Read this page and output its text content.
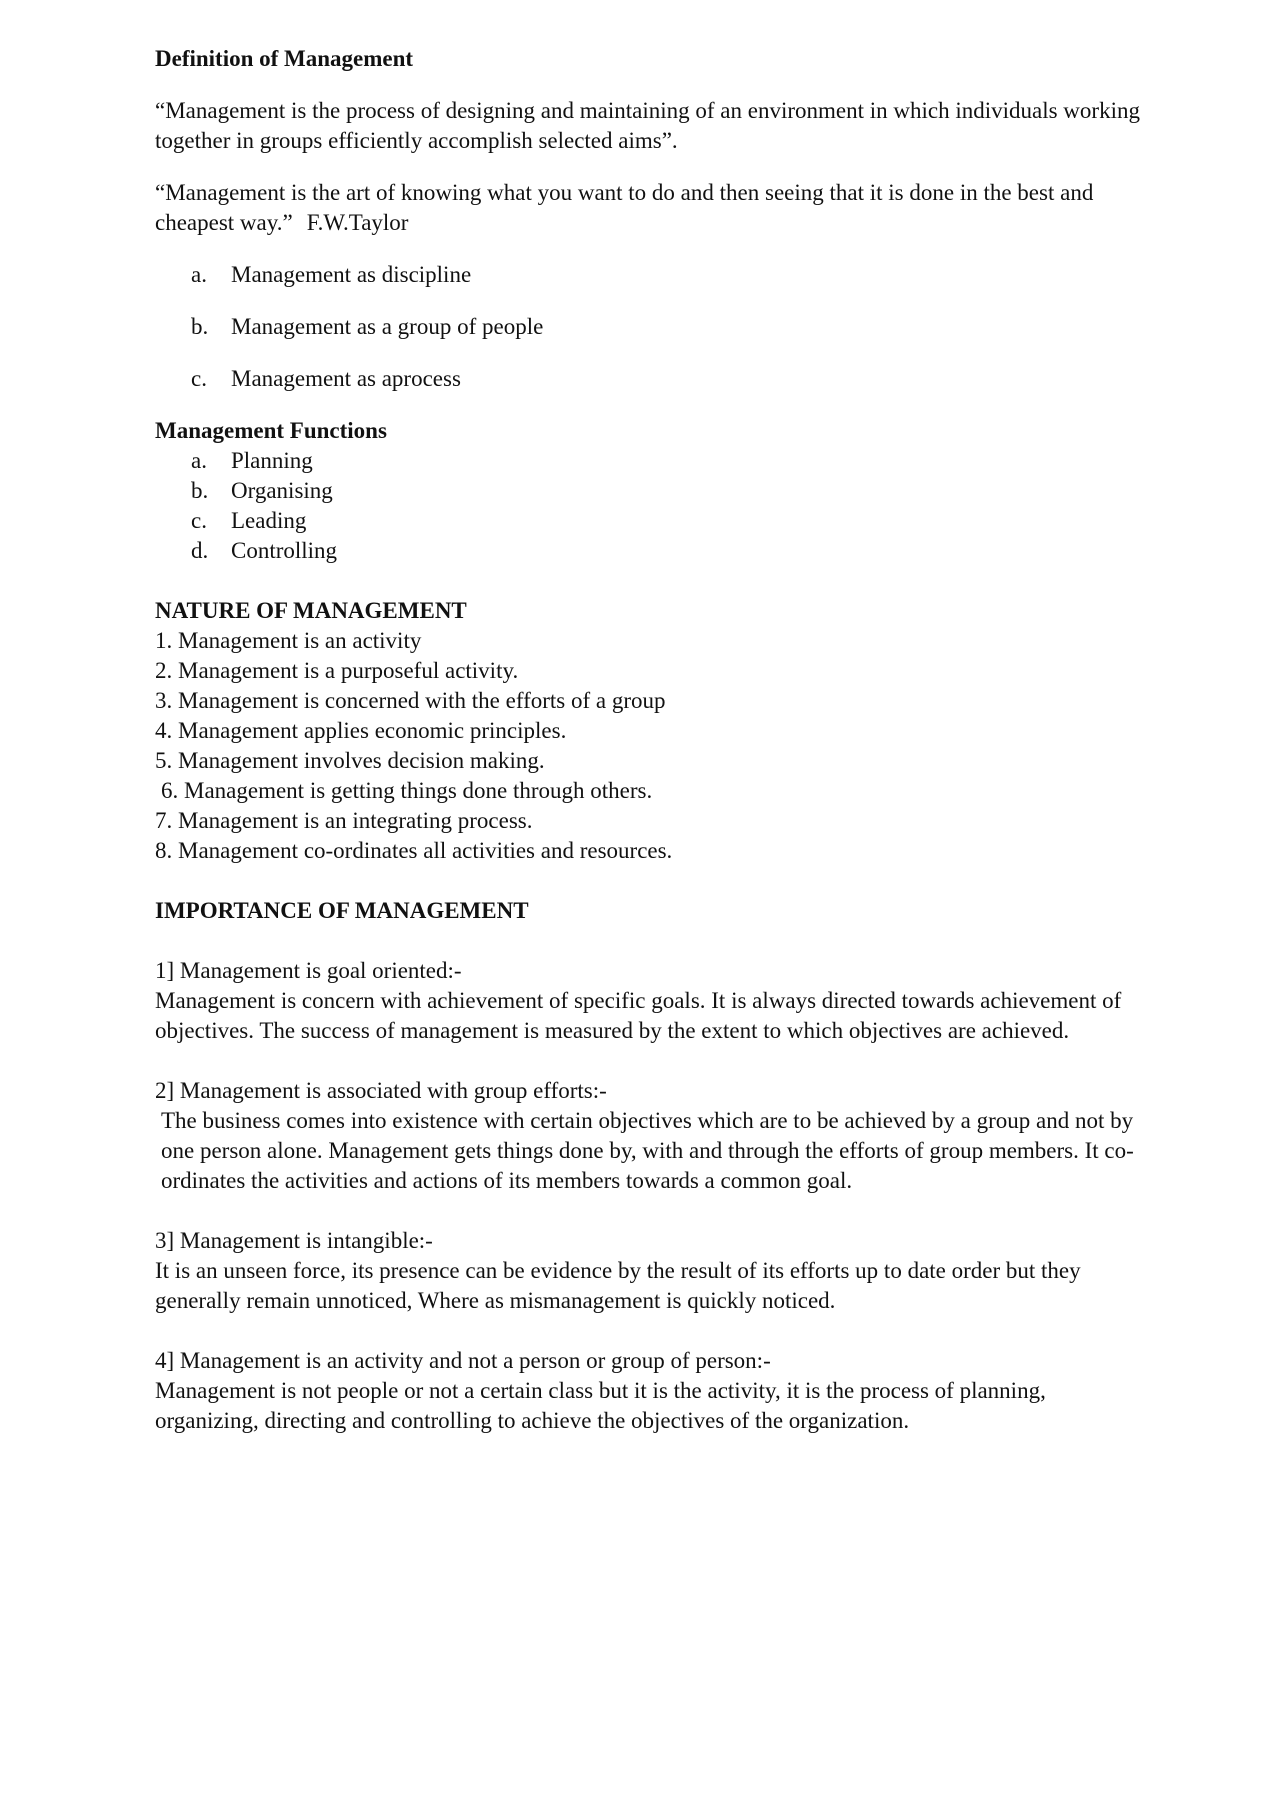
Definition of Management

“Management is the process of designing and maintaining of an environment in which individuals working together in groups efficiently accomplish selected aims”.

“Management is the art of knowing what you want to do and then seeing that it is done in the best and cheapest way.” F.W.Taylor

a.	Management as discipline
b. Management as a group of people
c.	Management as aprocess

Management Functions

a.	Planning
b. Organising
c.	Leading
d. Controlling

NATURE OF MANAGEMENT

1. Management is an activity

2. Management is a purposeful activity.

3. Management is concerned with the efforts of a group

4. Management applies economic principles.

5. Management involves decision making.

6. Management is getting things done through others.

7. Management is an integrating process.

8. Management co-ordinates all activities and resources.

IMPORTANCE OF MANAGEMENT

1] Management is goal oriented:-

Management is concern with achievement of specific goals. It is always directed towards achievement of objectives. The success of management is measured by the extent to which objectives are achieved.

2] Management is associated with group efforts:-

The business comes into existence with certain objectives which are to be achieved by a group and not by one person alone. Management gets things done by, with and through the efforts of group members. It co-ordinates the activities and actions of its members towards a common goal.

3] Management is intangible:-

It is an unseen force, its presence can be evidence by the result of its efforts up to date order but they generally remain unnoticed, Where as mismanagement is quickly noticed.

4] Management is an activity and not a person or group of person:-

Management is not people or not a certain class but it is the activity, it is the process of planning, organizing, directing and controlling to achieve the objectives of the organization.
